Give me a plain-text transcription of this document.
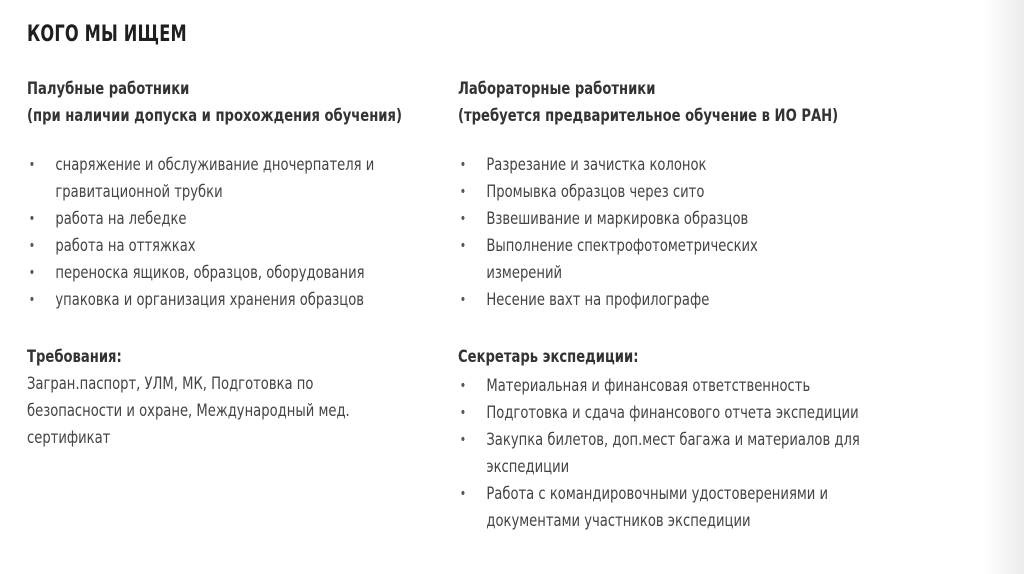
КОГО МЫ ИЩЕМ

Палубные работники
(при наличии допуска и прохождения обучения)

• снаряжение и обслуживание дночерпателя и
гравитационной трубки
• работа на лебедке
• работа на оттяжках
• переноска ящиков, образцов, оборудования
• упаковка и организация хранения образцов

Требования:

Загран.паспорт, УЛМ, МК, Подготовка по
безопасности и охране, Международный мед.
сертификат

Лабораторные работники
(требуется предварительное обучение в ИО РАН)

• Разрезание и зачистка колонок
• Промывка образцов через сито
• Взвешивание и маркировка образцов
• Выполнение спектрофотометрических
измерений
• Несение вахт на профилографе

Секретарь экспедиции:

• Материальная и финансовая ответственность
• Подготовка и сдача финансового отчета экспедиции
• Закупка билетов, доп.мест багажа и материалов для
экспедиции
• Работа с командировочными удостоверениями и
документами участников экспедиции
